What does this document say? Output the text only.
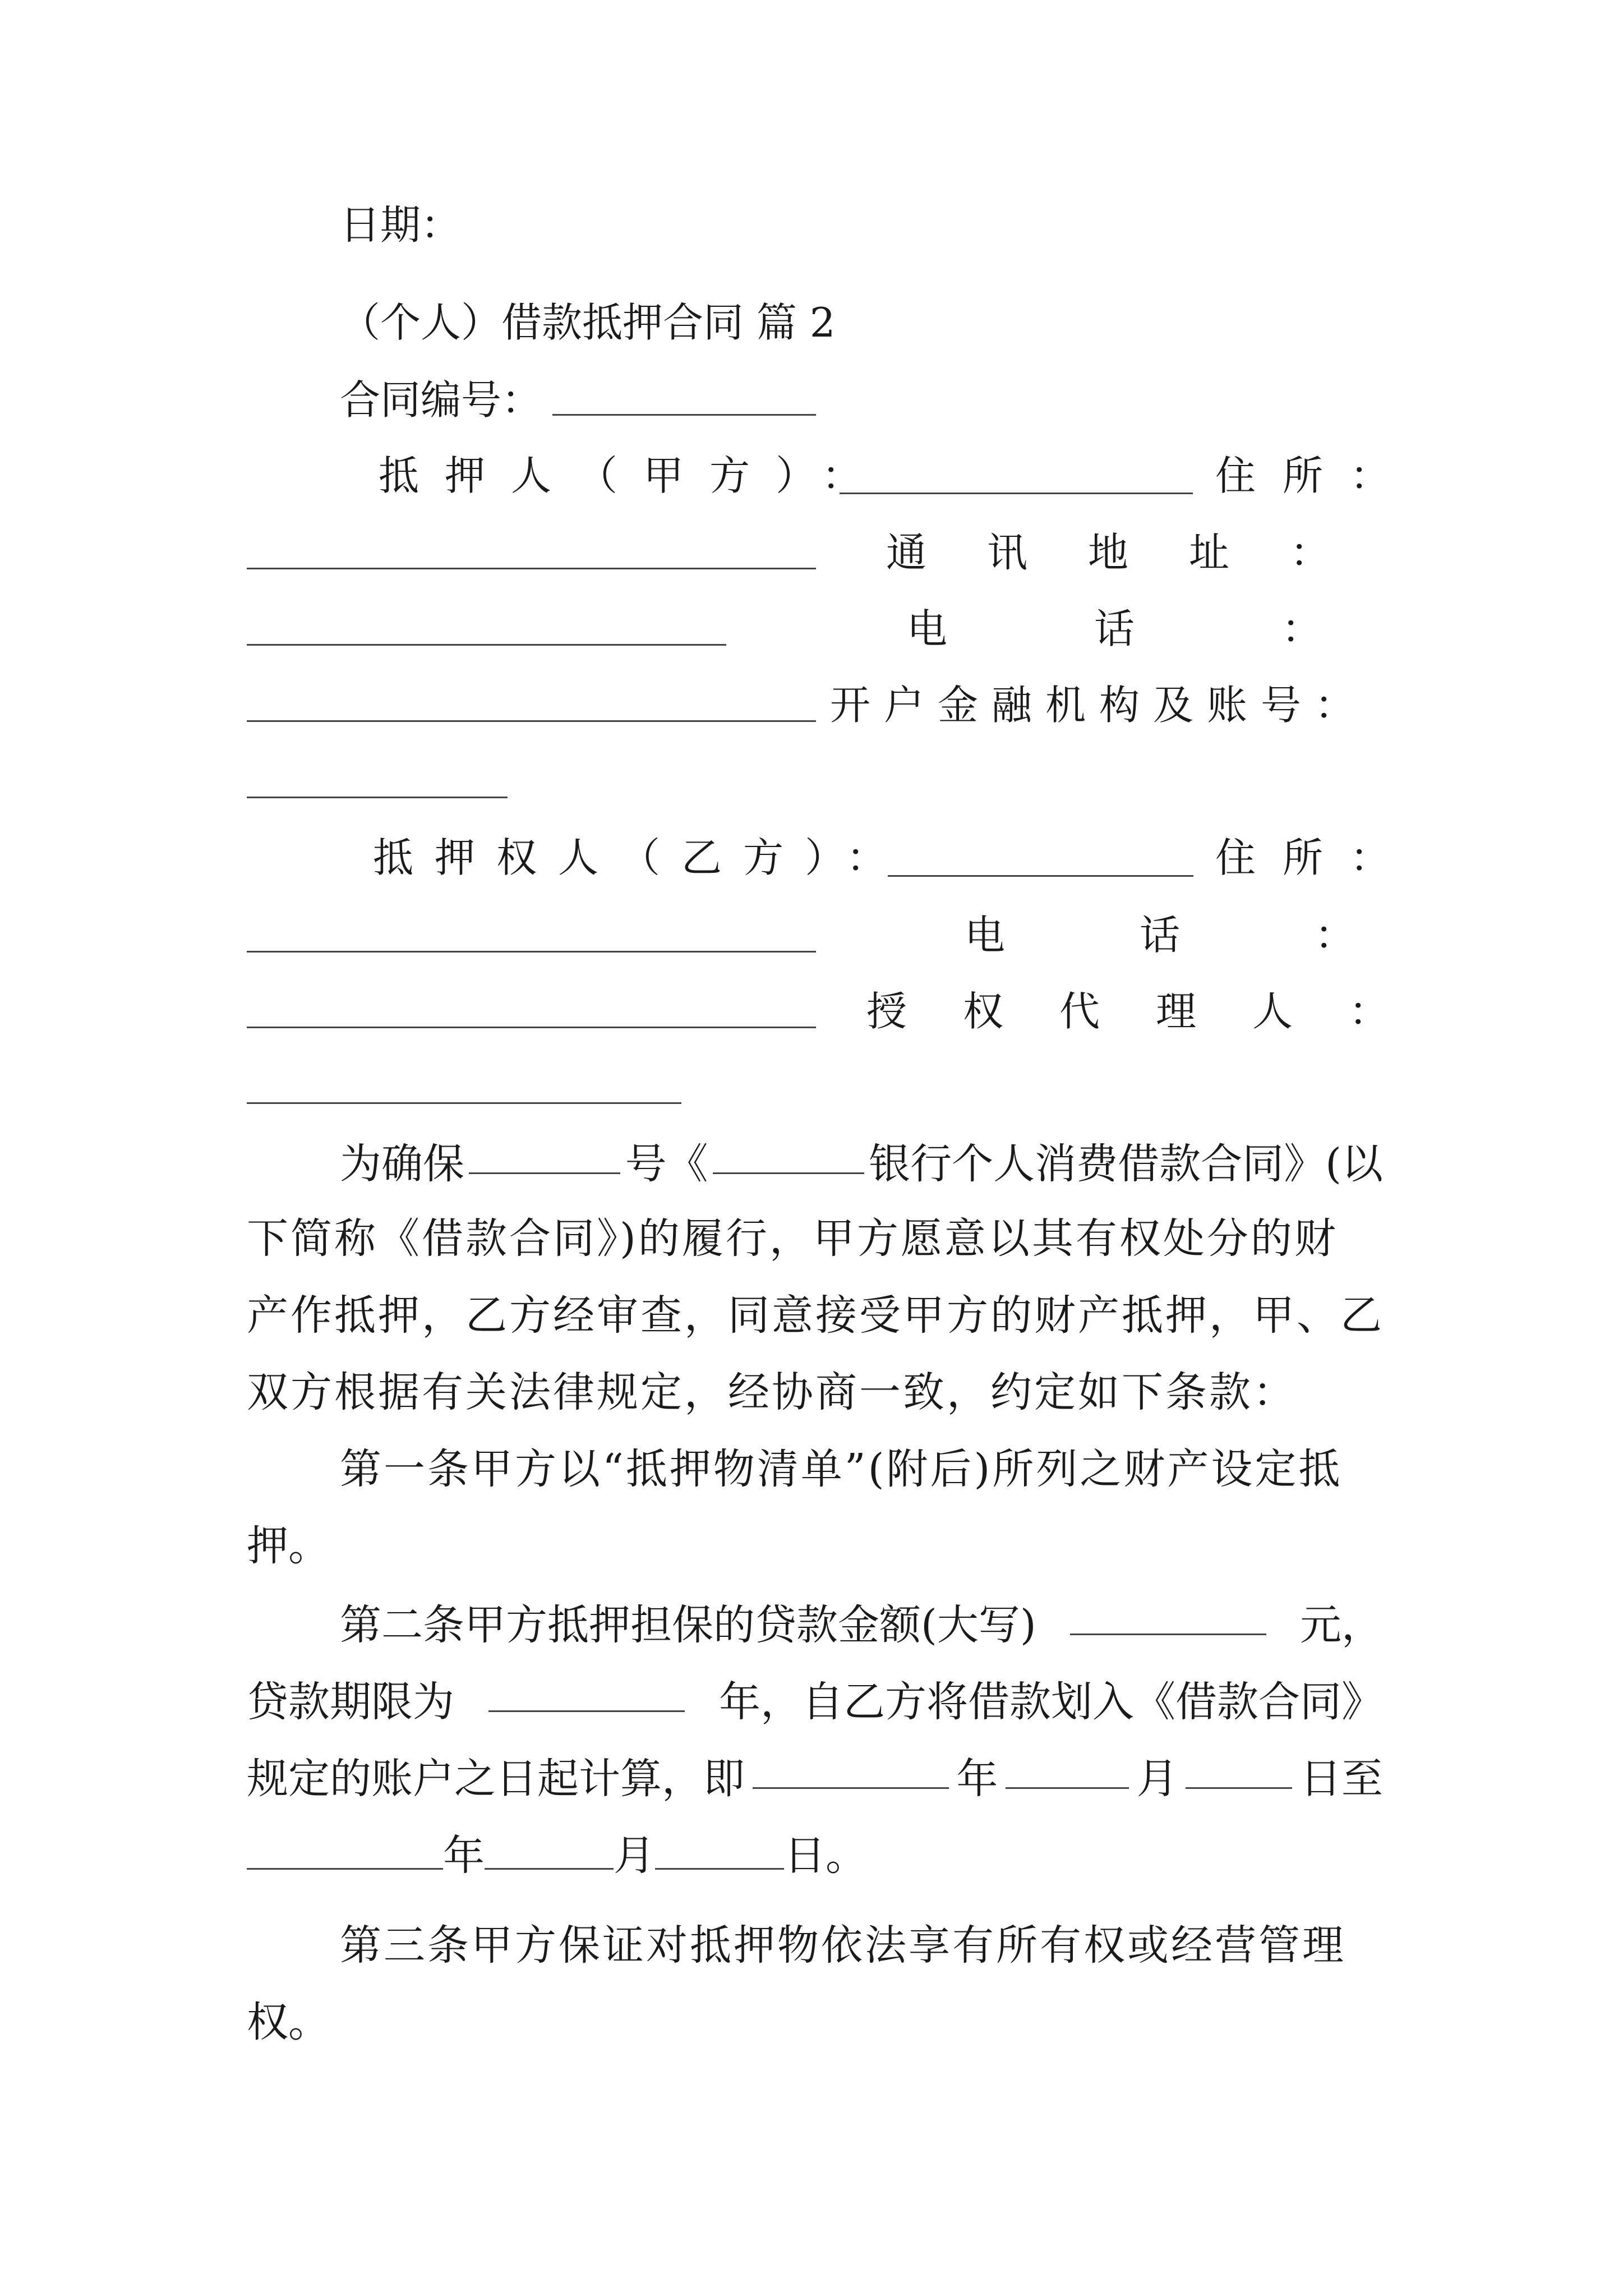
日期：
（个人）借款抵押合同 篇 2
合同编号：
抵押人（甲方）：	住所：
通讯地址：
电话：
开户金融机构及账号：
抵押权人（乙方）：	住所：
电话：
授权代理人：
为确保	号《	银行个人消费借款合同》(以
下简称《借款合同》)的履行，甲方愿意以其有权处分的财
产作抵押，乙方经审查，同意接受甲方的财产抵押，甲、乙
双方根据有关法律规定，经协商一致，约定如下条款：
第一条甲方以“抵押物清单”(附后)所列之财产设定抵
押。
第二条甲方抵押担保的贷款金额(大写)	元，
贷款期限为	年，自乙方将借款划入《借款合同》
规定的账户之日起计算，即	年	月	日至
年	月	日。
第三条甲方保证对抵押物依法享有所有权或经营管理
权。
